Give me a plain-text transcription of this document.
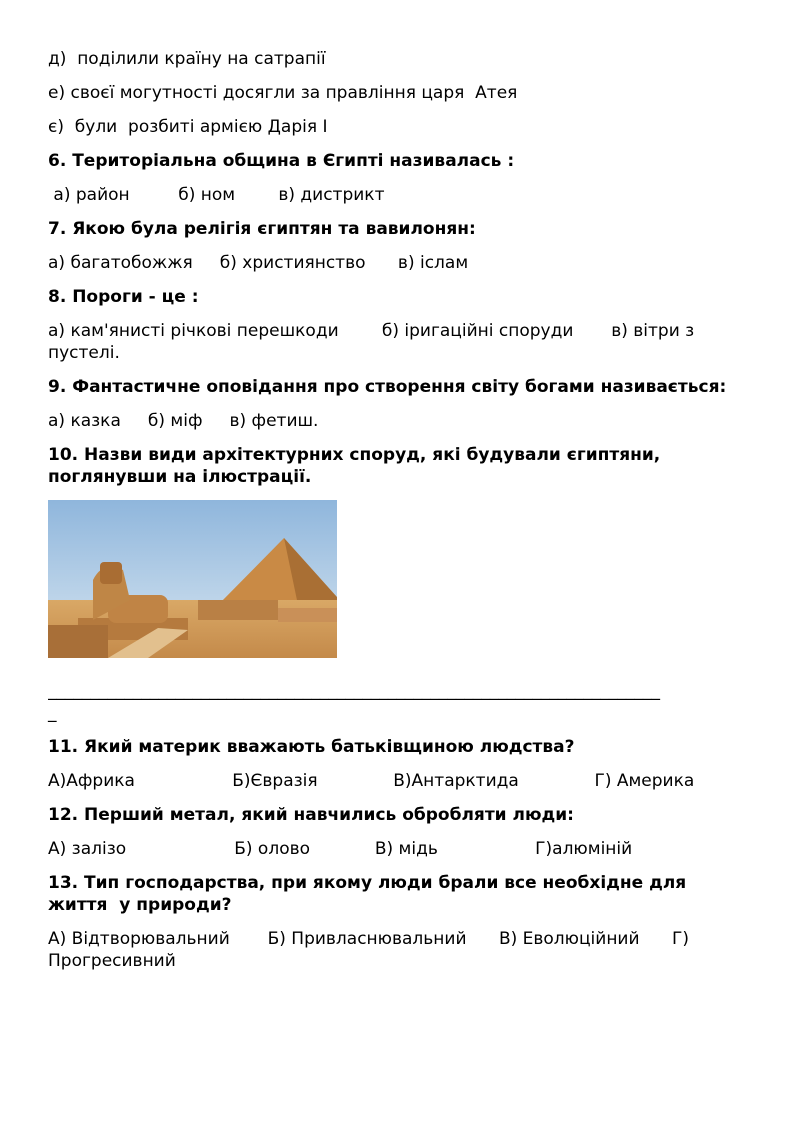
д)  поділили країну на сатрапії

е) своєї могутності досягли за правління царя  Атея

є)  були  розбиті армією Дарія І

6. Територіальна община в Єгипті називалась :

а) район         б) ном        в) дистрикт

7. Якою була релігія єгиптян та вавилонян:

а) багатобожжя     б) християнство      в) іслам

8. Пороги - це :

а) кам'янисті річкові перешкоди        б) іригаційні споруди       в) вітри з пустелі.

9. Фантастичне оповідання про створення світу богами називається:

а) казка     б) міф     в) фетиш.

10. Назви види архітектурних споруд, які будували єгиптяни, поглянувши на ілюстрації.

________________________________________________________________________

_

11. Який материк вважають батьківщиною людства?

А)Африка                  Б)Євразія              В)Антарктида              Г) Америка

12. Перший метал, який навчились обробляти люди:

А) залізо                    Б) олово            В) мідь                  Г)алюміній

13. Тип господарства, при якому люди брали все необхідне для життя  у природи?

А) Відтворювальний       Б) Привласнювальний      В) Еволюційний      Г) Прогресивний
